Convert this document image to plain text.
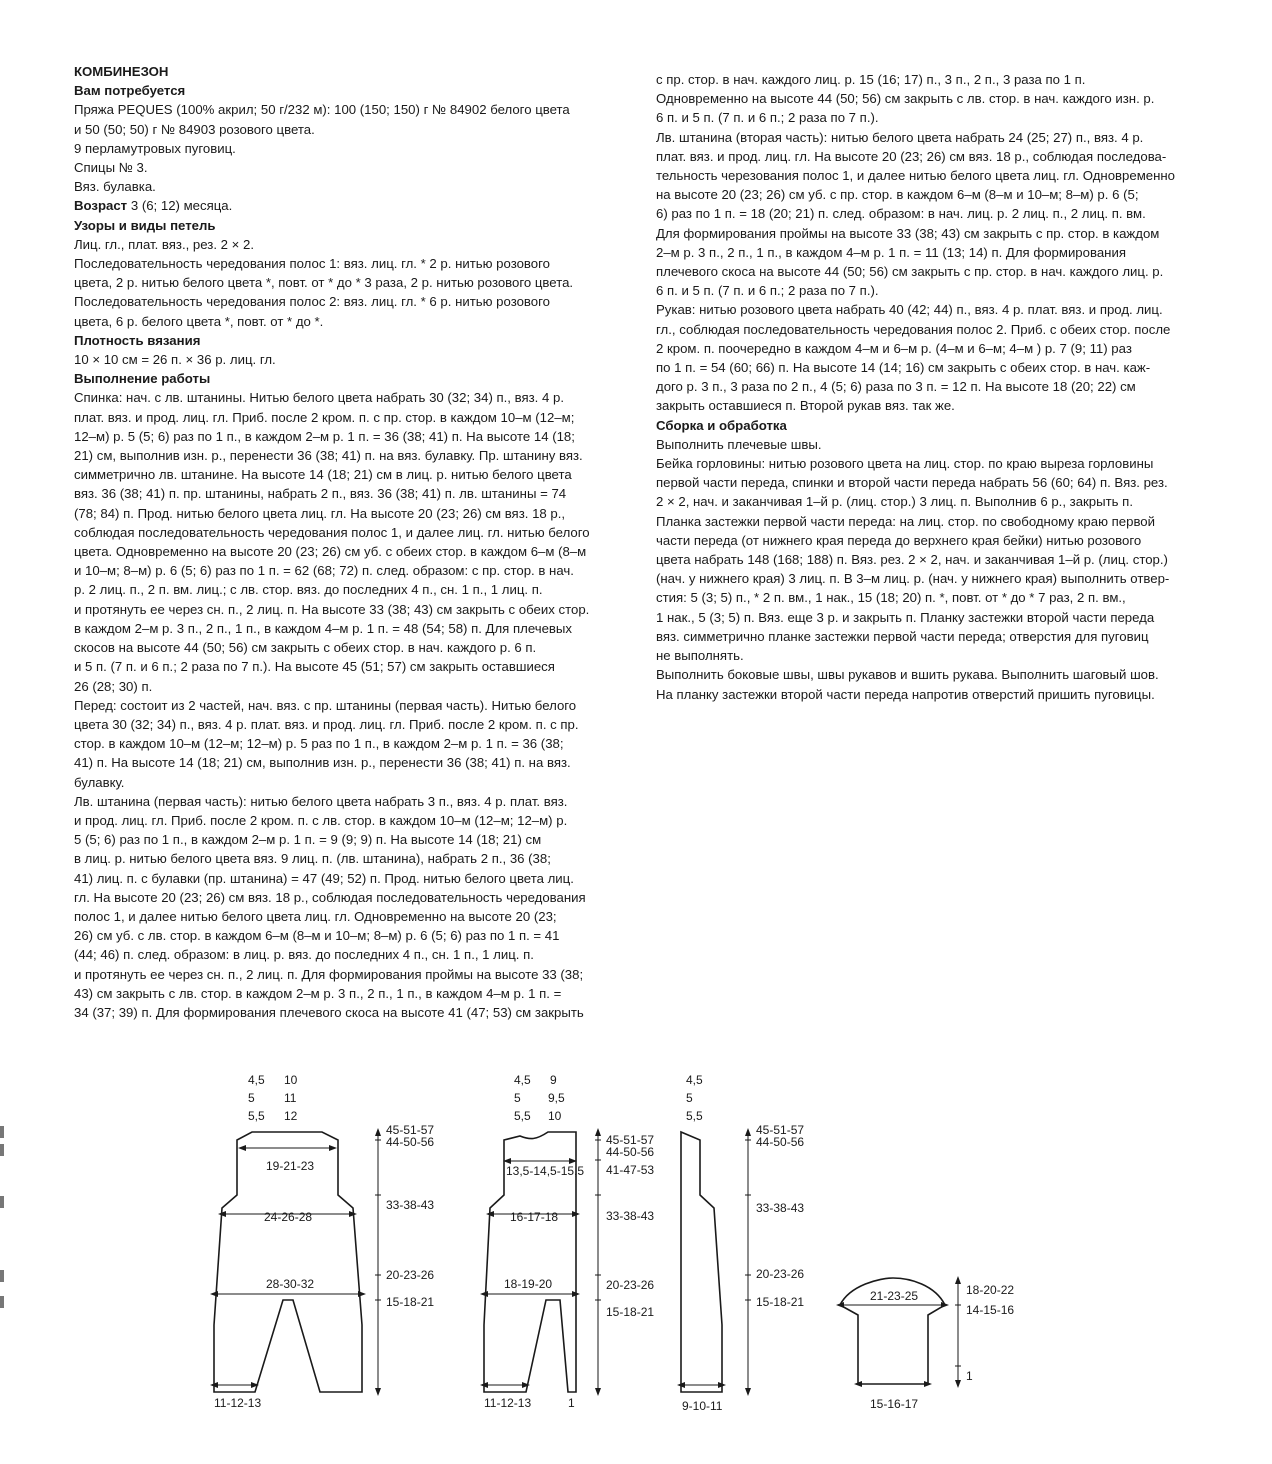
КОМБИНЕЗОН

Вам потребуется

Пряжа PEQUES (100% акрил; 50 г/232 м): 100 (150; 150) г № 84902 белого цвета

и 50 (50; 50) г № 84903 розового цвета.

9 перламутровых пуговиц.

Спицы № 3.

Вяз. булавка.

Возраст 3 (6; 12) месяца.

Узоры и виды петель

Лиц. гл., плат. вяз., рез. 2 × 2.

Последовательность чередования полос 1: вяз. лиц. гл. * 2 р. нитью розового

цвета, 2 р. нитью белого цвета *, повт. от * до * 3 раза, 2 р. нитью розового цвета.

Последовательность чередования полос 2: вяз. лиц. гл. * 6 р. нитью розового

цвета, 6 р. белого цвета *, повт. от * до *.

Плотность вязания

10 × 10 см = 26 п. × 36 р. лиц. гл.

Выполнение работы

Спинка: нач. с лв. штанины. Нитью белого цвета набрать 30 (32; 34) п., вяз. 4 р.

плат. вяз. и прод. лиц. гл. Приб. после 2 кром. п. с пр. стор. в каждом 10–м (12–м;

12–м) р. 5 (5; 6) раз по 1 п., в каждом 2–м р. 1 п. = 36 (38; 41) п. На высоте 14 (18;

21) см, выполнив изн. р., перенести 36 (38; 41) п. на вяз. булавку. Пр. штанину вяз.

симметрично лв. штанине. На высоте 14 (18; 21) см в лиц. р. нитью белого цвета

вяз. 36 (38; 41) п. пр. штанины, набрать 2 п., вяз. 36 (38; 41) п. лв. штанины = 74

(78; 84) п. Прод. нитью белого цвета лиц. гл. На высоте 20 (23; 26) см вяз. 18 р.,

соблюдая последовательность чередования полос 1, и далее лиц. гл. нитью белого

цвета. Одновременно на высоте 20 (23; 26) см уб. с обеих стор. в каждом 6–м (8–м

и 10–м; 8–м) р. 6 (5; 6) раз по 1 п. = 62 (68; 72) п. след. образом: с пр. стор. в нач.

р. 2 лиц. п., 2 п. вм. лиц.; с лв. стор. вяз. до последних 4 п., сн. 1 п., 1 лиц. п.

и протянуть ее через сн. п., 2 лиц. п. На высоте 33 (38; 43) см закрыть с обеих стор.

в каждом 2–м р. 3 п., 2 п., 1 п., в каждом 4–м р. 1 п. = 48 (54; 58) п. Для плечевых

скосов на высоте 44 (50; 56) см закрыть с обеих стор. в нач. каждого р. 6 п.

и 5 п. (7 п. и 6 п.; 2 раза по 7 п.). На высоте 45 (51; 57) см закрыть оставшиеся

26 (28; 30) п.

Перед: состоит из 2 частей, нач. вяз. с пр. штанины (первая часть). Нитью белого

цвета 30 (32; 34) п., вяз. 4 р. плат. вяз. и прод. лиц. гл. Приб. после 2 кром. п. с пр.

стор. в каждом 10–м (12–м; 12–м) р. 5 раз по 1 п., в каждом 2–м р. 1 п. = 36 (38;

41) п. На высоте 14 (18; 21) см, выполнив изн. р., перенести 36 (38; 41) п. на вяз.

булавку.

Лв. штанина (первая часть): нитью белого цвета набрать 3 п., вяз. 4 р. плат. вяз.

и прод. лиц. гл. Приб. после 2 кром. п. с лв. стор. в каждом 10–м (12–м; 12–м) р.

5 (5; 6) раз по 1 п., в каждом 2–м р. 1 п. = 9 (9; 9) п. На высоте 14 (18; 21) см

в лиц. р. нитью белого цвета вяз. 9 лиц. п. (лв. штанина), набрать 2 п., 36 (38;

41) лиц. п. с булавки (пр. штанина) = 47 (49; 52) п. Прод. нитью белого цвета лиц.

гл. На высоте 20 (23; 26) см вяз. 18 р., соблюдая последовательность чередования

полос 1, и далее нитью белого цвета лиц. гл. Одновременно на высоте 20 (23;

26) см уб. с лв. стор. в каждом 6–м (8–м и 10–м; 8–м) р. 6 (5; 6) раз по 1 п. = 41

(44; 46) п. след. образом: в лиц. р. вяз. до последних 4 п., сн. 1 п., 1 лиц. п.

и протянуть ее через сн. п., 2 лиц. п. Для формирования проймы на высоте 33 (38;

43) см закрыть с лв. стор. в каждом 2–м р. 3 п., 2 п., 1 п., в каждом 4–м р. 1 п. =

34 (37; 39) п. Для формирования плечевого скоса на высоте 41 (47; 53) см закрыть

с пр. стор. в нач. каждого лиц. р. 15 (16; 17) п., 3 п., 2 п., 3 раза по 1 п.

Одновременно на высоте 44 (50; 56) см закрыть с лв. стор. в нач. каждого изн. р.

6 п. и 5 п. (7 п. и 6 п.; 2 раза по 7 п.).

Лв. штанина (вторая часть): нитью белого цвета набрать 24 (25; 27) п., вяз. 4 р.

плат. вяз. и прод. лиц. гл. На высоте 20 (23; 26) см вяз. 18 р., соблюдая последова-

тельность черезования полос 1, и далее нитью белого цвета лиц. гл. Одновременно

на высоте 20 (23; 26) см уб. с пр. стор. в каждом 6–м (8–м и 10–м; 8–м) р. 6 (5;

6) раз по 1 п. = 18 (20; 21) п. след. образом: в нач. лиц. р. 2 лиц. п., 2 лиц. п. вм.

Для формирования проймы на высоте 33 (38; 43) см закрыть с пр. стор. в каждом

2–м р. 3 п., 2 п., 1 п., в каждом 4–м р. 1 п. = 11 (13; 14) п. Для формирования

плечевого скоса на высоте 44 (50; 56) см закрыть с пр. стор. в нач. каждого лиц. р.

6 п. и 5 п. (7 п. и 6 п.; 2 раза по 7 п.).

Рукав: нитью розового цвета набрать 40 (42; 44) п., вяз. 4 р. плат. вяз. и прод. лиц.

гл., соблюдая последовательность чередования полос 2. Приб. с обеих стор. после

2 кром. п. поочередно в каждом 4–м и 6–м р. (4–м и 6–м; 4–м ) р. 7 (9; 11) раз

по 1 п. = 54 (60; 66) п. На высоте 14 (14; 16) см закрыть с обеих стор. в нач. каж-

дого р. 3 п., 3 раза по 2 п., 4 (5; 6) раза по 3 п. = 12 п. На высоте 18 (20; 22) см

закрыть оставшиеся п. Второй рукав вяз. так же.

Сборка и обработка

Выполнить плечевые швы.

Бейка горловины: нитью розового цвета на лиц. стор. по краю выреза горловины

первой части переда, спинки и второй части переда набрать 56 (60; 64) п. Вяз. рез.

2 × 2, нач. и заканчивая 1–й р. (лиц. стор.) 3 лиц. п. Выполнив 6 р., закрыть п.

Планка застежки первой части переда: на лиц. стор. по свободному краю первой

части переда (от нижнего края переда до верхнего края бейки) нитью розового

цвета набрать 148 (168; 188) п. Вяз. рез. 2 × 2, нач. и заканчивая 1–й р. (лиц. стор.)

(нач. у нижнего края) 3 лиц. п. В 3–м лиц. р. (нач. у нижнего края) выполнить отвер-

стия: 5 (3; 5) п., * 2 п. вм., 1 нак., 15 (18; 20) п. *, повт. от * до * 7 раз, 2 п. вм.,

1 нак., 5 (3; 5) п. Вяз. еще 3 р. и закрыть п. Планку застежки второй части переда

вяз. симметрично планке застежки первой части переда; отверстия для пуговиц

не выполнять.

Выполнить боковые швы, швы рукавов и вшить рукава. Выполнить шаговый шов.

На планку застежки второй части переда напротив отверстий пришить пуговицы.

4,5 10
5 11
5,5 12
19-21-23
24-26-28
28-30-32
11-12-13
45-51-57
44-50-56
33-38-43
20-23-26
15-18-21
4,5 9
5 9,5
5,5 10
13,5-14,5-15,5
16-17-18
18-19-20
11-12-13	1
45-51-57
44-50-56
41-47-53
33-38-43
20-23-26
15-18-21
4,5
5
5,5
9-10-11
45-51-57
44-50-56
33-38-43
20-23-26
15-18-21	21-23-25
15-16-17
18-20-22
14-15-16
1
